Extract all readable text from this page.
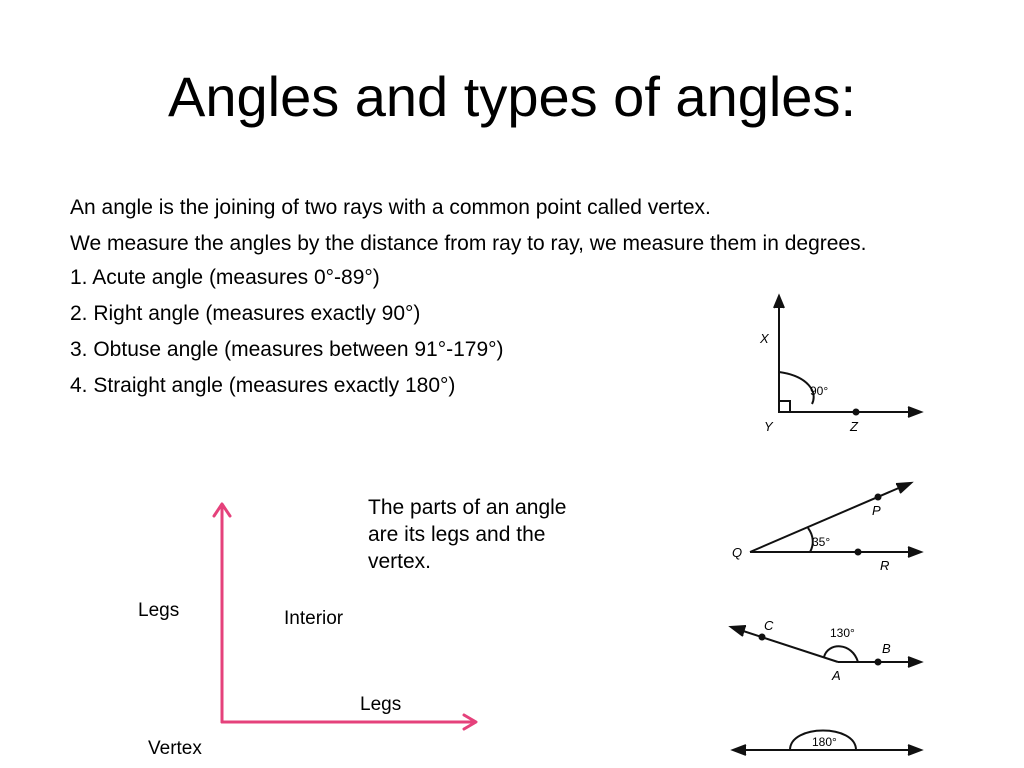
Angles and types of angles:

An angle is the joining of two rays with a common point called vertex.

We measure the angles by the distance from ray to ray, we measure them in degrees.

1. Acute angle (measures 0°-89°)

2. Right angle (measures exactly 90°)

3. Obtuse angle (measures between 91°-179°)

4. Straight angle (measures exactly 180°)

The parts of an angle are its legs and the vertex.
Legs	Interior
Legs
Vertex
X
Y	Z
90°
Q
P
R
35°
C
A
B
130°
180°
